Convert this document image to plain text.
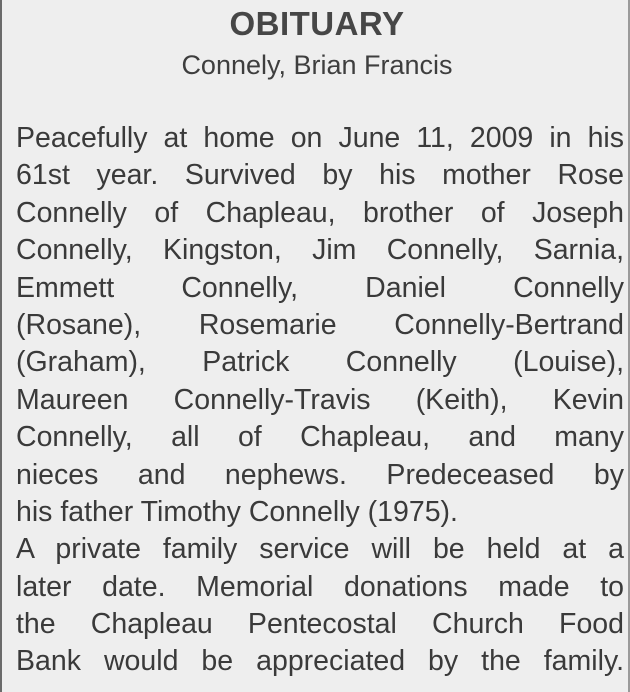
OBITUARY
Connely, Brian Francis
Peacefully at home on June 11, 2009 in his
61st year. Survived by his mother Rose
Connelly of Chapleau, brother of Joseph
Connelly, Kingston, Jim Connelly, Sarnia,
Emmett Connelly, Daniel Connelly
(Rosane), Rosemarie Connelly-Bertrand
(Graham), Patrick Connelly (Louise),
Maureen Connelly-Travis (Keith), Kevin
Connelly, all of Chapleau, and many
nieces and nephews. Predeceased by
his father Timothy Connelly (1975).
A private family service will be held at a
later date. Memorial donations made to
the Chapleau Pentecostal Church Food
Bank would be appreciated by the family.
